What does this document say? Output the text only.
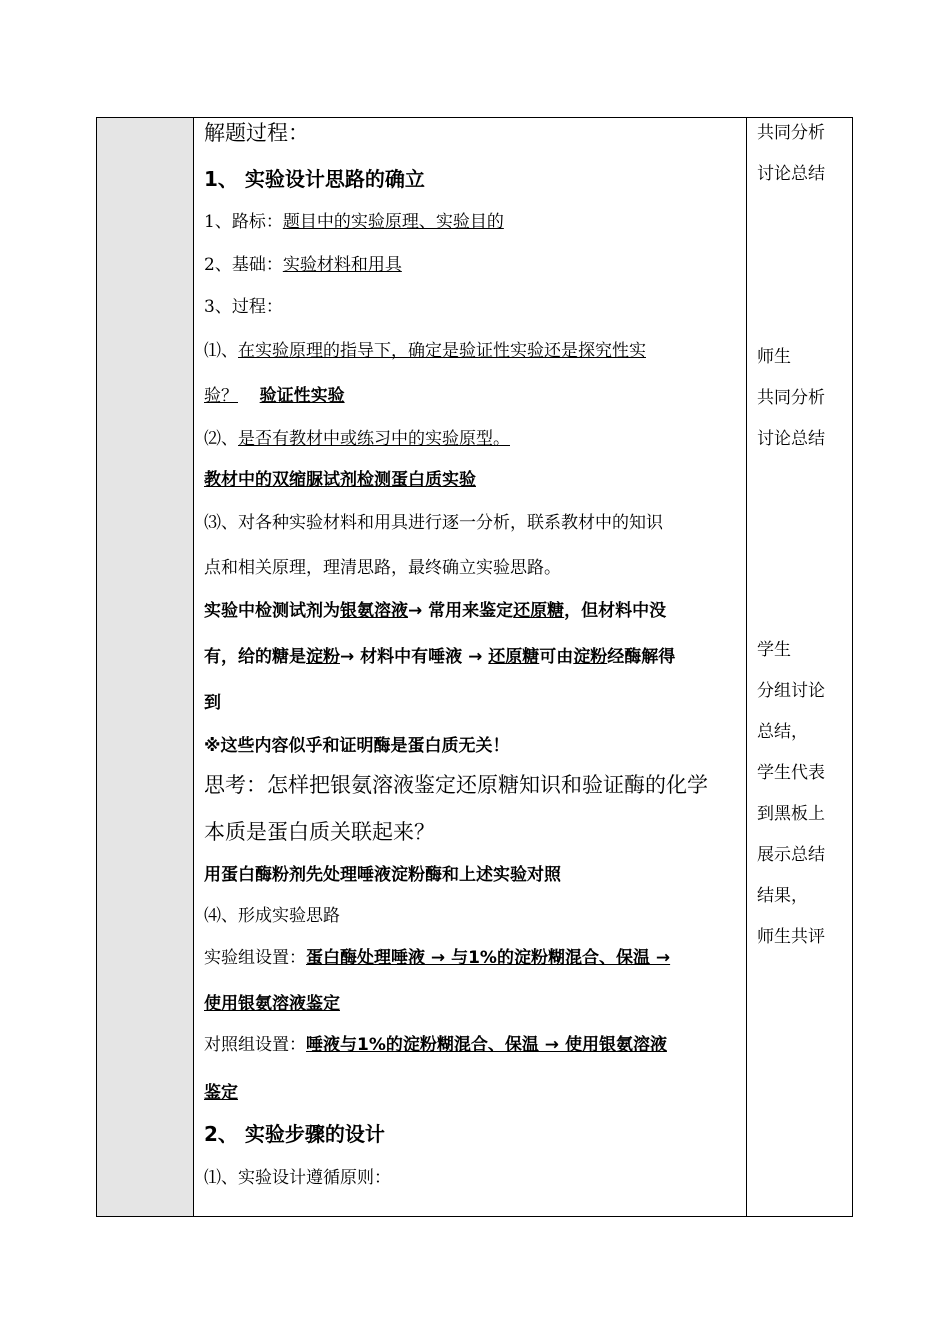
解题过程：
1、 实验设计思路的确立
1、路标：题目中的实验原理、实验目的
2、基础：实验材料和用具
3、过程：
⑴、在实验原理的指导下，确定是验证性实验还是探究性实
验？ 验证性实验
⑵、是否有教材中或练习中的实验原型。
教材中的双缩脲试剂检测蛋白质实验
⑶、对各种实验材料和用具进行逐一分析，联系教材中的知识
点和相关原理，理清思路，最终确立实验思路。
实验中检测试剂为银氨溶液→ 常用来鉴定还原糖，但材料中没
有，给的糖是淀粉→ 材料中有唾液 → 还原糖可由淀粉经酶解得
到
※这些内容似乎和证明酶是蛋白质无关！
思考：怎样把银氨溶液鉴定还原糖知识和验证酶的化学
本质是蛋白质关联起来？
用蛋白酶粉剂先处理唾液淀粉酶和上述实验对照
⑷、形成实验思路
实验组设置：蛋白酶处理唾液 → 与1%的淀粉糊混合、保温 →
使用银氨溶液鉴定
对照组设置：唾液与1%的淀粉糊混合、保温 → 使用银氨溶液
鉴定
2、 实验步骤的设计
⑴、实验设计遵循原则：
共同分析
讨论总结
师生
共同分析
讨论总结
学生
分组讨论
总结，
学生代表
到黑板上
展示总结
结果，
师生共评
